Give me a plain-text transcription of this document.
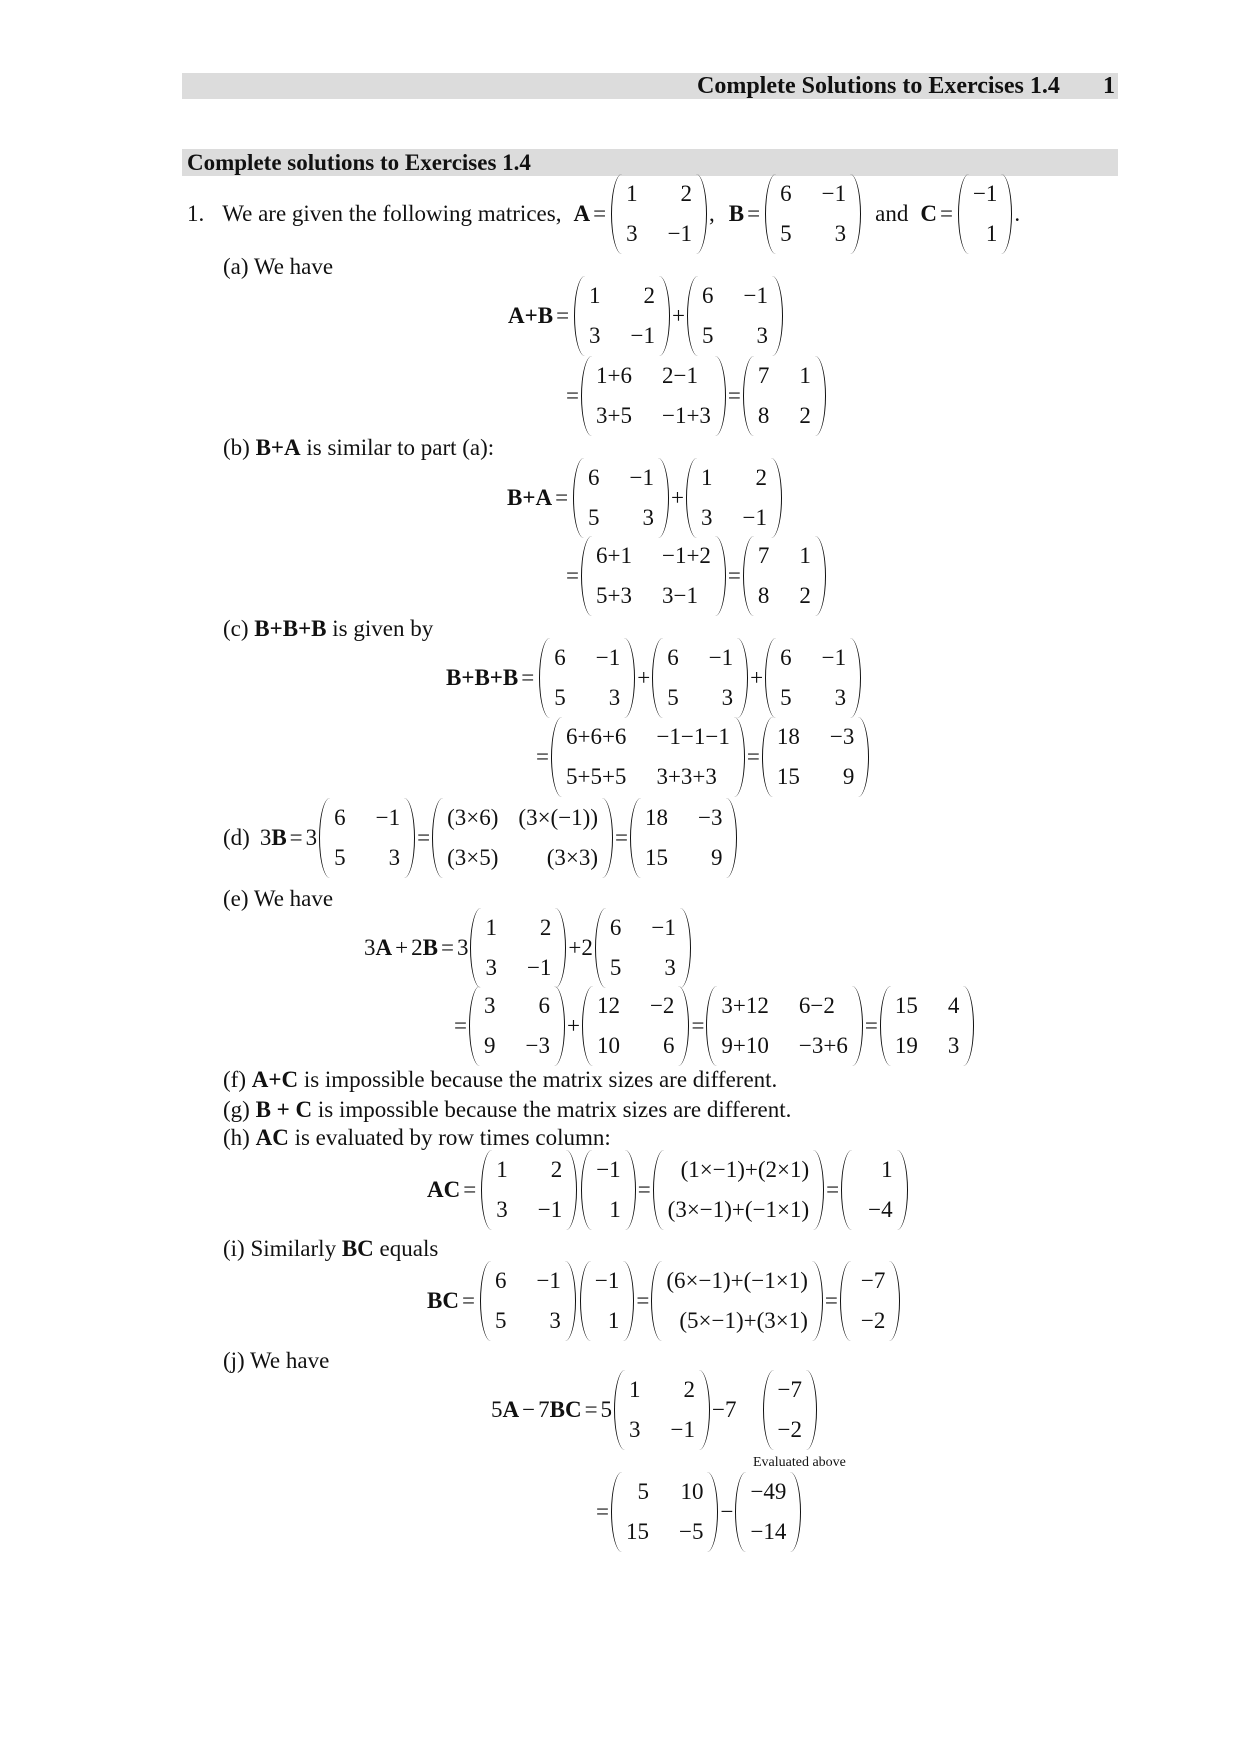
Complete Solutions to Exercises 1.4 1
Complete solutions to Exercises 1.4
1. We are given the following matrices, A =
1
3
2
−1
, B =
6
5
−1
3
and C =
−1
1
.
(a) We have
A+B =
1
3
2
−1
+
6
5
−1
3
=
1+6
3+5
2−1
−1+3
=
7
8
1
2
(b) B+A is similar to part (a):
B+A =
6
5
−1
3
+
1
3
2
−1
=
6+1
5+3
−1+2
3−1
=
7
8
1
2
(c) B+B+B is given by
B+B+B =
6
5
−1
3
+
6
5
−1
3
+
6
5
−1
3
=
6+6+6
5+5+5
−1−1−1
3+3+3
=
18
15
−3
9
(d) 3 B = 3
6
5
−1
3
=
(3×6)
(3×5)
(3×(−1))
(3×3)
=
18
15
−3
9
(e) We have
3 A + 2 B = 3
1
3
2
−1
+ 2
6
5
−1
3
=
3
9
6
−3
+
12
10
−2
6
=
3+12
9+10
6−2
−3+6
=
15
19
4
3
(f) A+C is impossible because the matrix sizes are different.
(g) B + C is impossible because the matrix sizes are different.
(h) AC is evaluated by row times column:
AC =
1
3
2
−1
−1
1
=
(1×−1)+(2×1)
(3×−1)+(−1×1)
=
1
−4
(i) Similarly BC equals
BC =
6
5
−1
3
−1
1
=
(6×−1)+(−1×1)
(5×−1)+(3×1)
=
−7
−2
(j) We have
5 A − 7 BC = 5
1
3
2
−1
− 7
−7
−2
Evaluated above
=
5
15
10
−5
−
−49
−14
